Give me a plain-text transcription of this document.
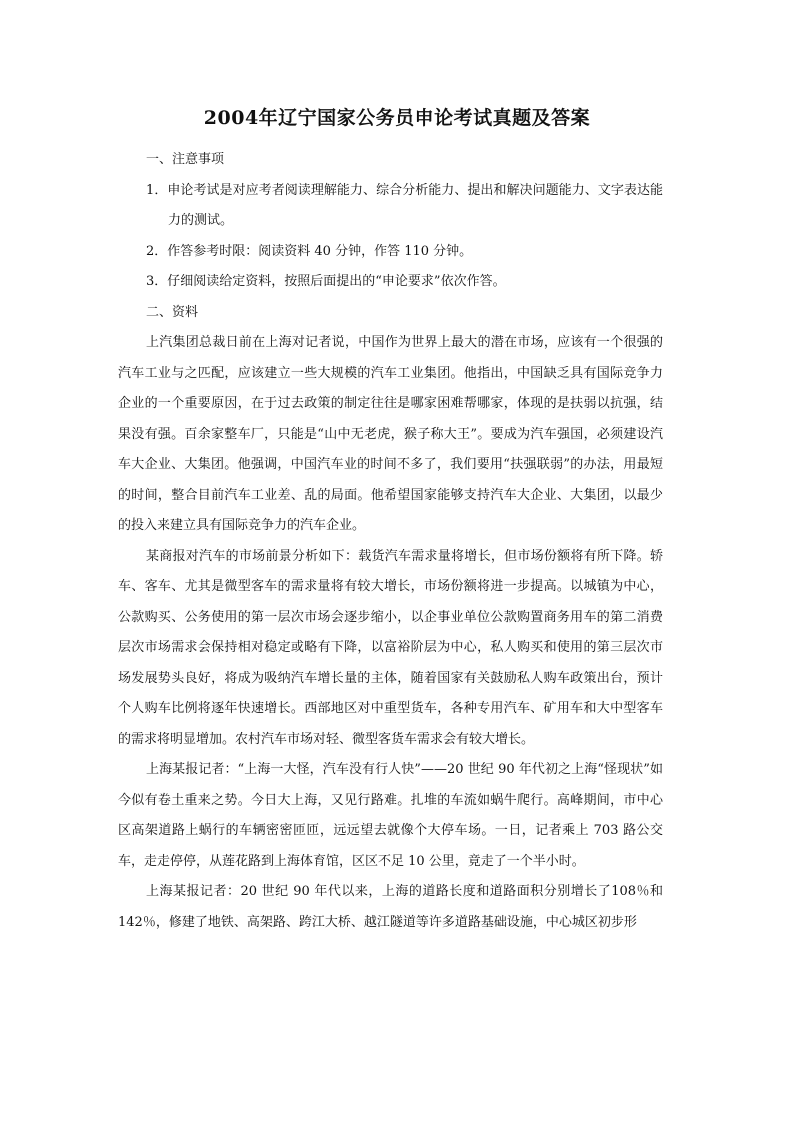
2004年辽宁国家公务员申论考试真题及答案

一、注意事项

1．申论考试是对应考者阅读理解能力、综合分析能力、提出和解决问题能力、文字表达能力的测试。

2．作答参考时限：阅读资料 40 分钟，作答 110 分钟。

3．仔细阅读给定资料，按照后面提出的“申论要求”依次作答。

二、资料

上汽集团总裁日前在上海对记者说，中国作为世界上最大的潜在市场，应该有一个很强的汽车工业与之匹配，应该建立一些大规模的汽车工业集团。他指出，中国缺乏具有国际竞争力企业的一个重要原因，在于过去政策的制定往往是哪家困难帮哪家，体现的是扶弱以抗强，结果没有强。百余家整车厂，只能是“山中无老虎，猴子称大王”。要成为汽车强国，必须建设汽车大企业、大集团。他强调，中国汽车业的时间不多了，我们要用“扶强联弱”的办法，用最短的时间，整合目前汽车工业差、乱的局面。他希望国家能够支持汽车大企业、大集团，以最少的投入来建立具有国际竞争力的汽车企业。

某商报对汽车的市场前景分析如下：载货汽车需求量将增长，但市场份额将有所下降。轿车、客车、尤其是微型客车的需求量将有较大增长，市场份额将进一步提高。以城镇为中心，公款购买、公务使用的第一层次市场会逐步缩小，以企事业单位公款购置商务用车的第二消费层次市场需求会保持相对稳定或略有下降，以富裕阶层为中心，私人购买和使用的第三层次市场发展势头良好，将成为吸纳汽车增长量的主体，随着国家有关鼓励私人购车政策出台，预计个人购车比例将逐年快速增长。西部地区对中重型货车，各种专用汽车、矿用车和大中型客车的需求将明显增加。农村汽车市场对轻、微型客货车需求会有较大增长。

上海某报记者：“上海一大怪，汽车没有行人快”——20 世纪 90 年代初之上海“怪现状”如今似有卷土重来之势。今日大上海，又见行路难。扎堆的车流如蜗牛爬行。高峰期间，市中心区高架道路上蜗行的车辆密密匝匝，远远望去就像个大停车场。一日，记者乘上 703 路公交车，走走停停，从莲花路到上海体育馆，区区不足 10 公里，竟走了一个半小时。

上海某报记者：20 世纪 90 年代以来，上海的道路长度和道路面积分别增长了108％和142％，修建了地铁、高架路、跨江大桥、越江隧道等许多道路基础设施，中心城区初步形
